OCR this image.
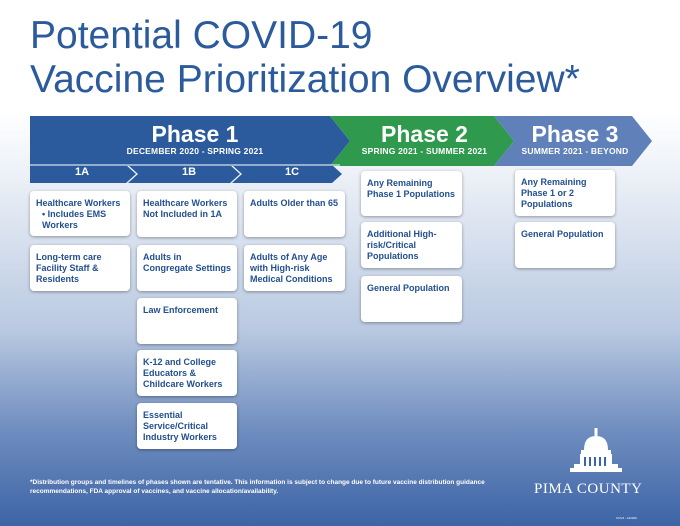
Potential COVID-19
Vaccine Prioritization Overview*
Phase 1
DECEMBER 2020 - SPRING 2021
Phase 2
SPRING 2021 - SUMMER 2021
Phase 3
SUMMER 2021 - BEYOND
1A	1B	1C
Healthcare Workers
• Includes EMS Workers
Long-term care Facility Staff & Residents
Healthcare Workers Not Included in 1A
Adults in Congregate Settings
Law Enforcement
K-12 and College Educators & Childcare Workers
Essential Service/Critical Industry Workers
Adults Older than 65
Adults of Any Age with High-risk Medical Conditions
Any Remaining Phase 1 Populations
Additional High-risk/Critical Populations
General Population
Any Remaining Phase 1 or 2 Populations
General Population
*Distribution groups and timelines of phases shown are tentative. This information is subject to change due to future vaccine distribution guidance recommendations, FDA approval of vaccines, and vaccine allocation/availability.	PIMA COUNTY
COV4 - 122020
